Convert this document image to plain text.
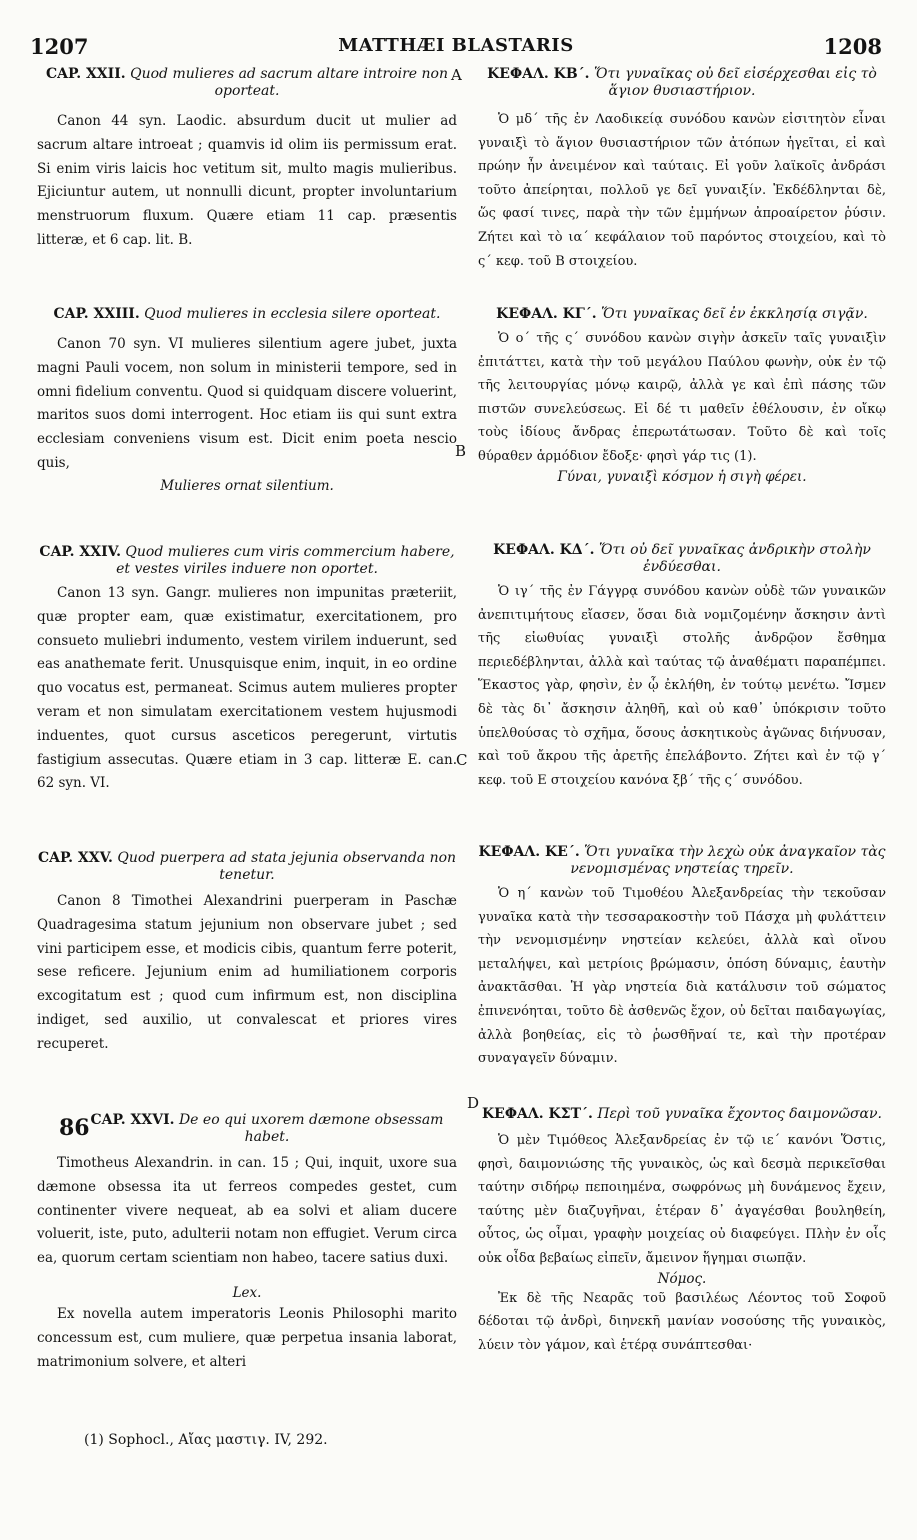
1207	MATTHÆI BLASTARIS	1208
A
B
C
D
86

CAP. XXII. Quod mulieres ad sacrum altare introire non oporteat.

Canon 44 syn. Laodic. absurdum ducit ut mulier ad sacrum altare introeat ; quamvis id olim iis permissum erat. Si enim viris laicis hoc vetitum sit, multo magis mulieribus. Ejiciuntur autem, ut nonnulli dicunt, propter involuntarium menstruorum fluxum. Quære etiam 11 cap. præsentis litteræ, et 6 cap. lit. B.

CAP. XXIII. Quod mulieres in ecclesia silere oporteat.

Canon 70 syn. VI mulieres silentium agere jubet, juxta magni Pauli vocem, non solum in ministerii tempore, sed in omni fidelium conventu. Quod si quidquam discere voluerint, maritos suos domi interrogent. Hoc etiam iis qui sunt extra ecclesiam conveniens visum est. Dicit enim poeta nescio quis,

Mulieres ornat silentium.

CAP. XXIV. Quod mulieres cum viris commercium habere, et vestes viriles induere non oportet.

Canon 13 syn. Gangr. mulieres non impunitas præteriit, quæ propter eam, quæ existimatur, exercitationem, pro consueto muliebri indumento, vestem virilem induerunt, sed eas anathemate ferit. Unusquisque enim, inquit, in eo ordine quo vocatus est, permaneat. Scimus autem mulieres propter veram et non simulatam exercitationem vestem hujusmodi induentes, quot cursus asceticos peregerunt, virtutis fastigium assecutas. Quære etiam in 3 cap. litteræ E. can. 62 syn. VI.

CAP. XXV. Quod puerpera ad stata jejunia observanda non tenetur.

Canon 8 Timothei Alexandrini puerperam in Paschæ Quadragesima statum jejunium non observare jubet ; sed vini participem esse, et modicis cibis, quantum ferre poterit, sese reficere. Jejunium enim ad humiliationem corporis excogitatum est ; quod cum infirmum est, non disciplina indiget, sed auxilio, ut convalescat et priores vires recuperet.

CAP. XXVI. De eo qui uxorem dæmone obsessam habet.

Timotheus Alexandrin. in can. 15 ; Qui, inquit, uxore sua dæmone obsessa ita ut ferreos compedes gestet, cum continenter vivere nequeat, ab ea solvi et aliam ducere voluerit, iste, puto, adulterii notam non effugiet. Verum circa ea, quorum certam scientiam non habeo, tacere satius duxi.

Lex.

Ex novella autem imperatoris Leonis Philosophi marito concessum est, cum muliere, quæ perpetua insania laborat, matrimonium solvere, et alteri

ΚΕΦΑΛ. ΚΒ΄. Ὅτι γυναῖκας οὐ δεῖ εἰσέρχεσθαι εἰς τὸ ἅγιον θυσιαστήριον.

Ὁ μδ΄ τῆς ἐν Λαοδικείᾳ συνόδου κανὼν εἰσιτητὸν εἶναι γυναιξὶ τὸ ἅγιον θυσιαστήριον τῶν ἀτόπων ἡγεῖται, εἰ καὶ πρώην ἦν ἀνειμένον καὶ ταύταις. Εἰ γοῦν λαϊκοῖς ἀνδράσι τοῦτο ἀπείρηται, πολλοῦ γε δεῖ γυναιξίν. Ἐκδέδληνται δὲ, ὥς φασί τινες, παρὰ τὴν τῶν ἐμμήνων ἀπροαίρετον ῥύσιν. Ζήτει καὶ τὸ ια΄ κεφάλαιον τοῦ παρόντος στοιχείου, καὶ τὸ ς΄ κεφ. τοῦ Β στοιχείου.

ΚΕΦΑΛ. ΚΓ΄. Ὅτι γυναῖκας δεῖ ἐν ἐκκλησίᾳ σιγᾷν.

Ὁ ο΄ τῆς ς΄ συνόδου κανὼν σιγὴν ἀσκεῖν ταῖς γυναιξὶν ἐπιτάττει, κατὰ τὴν τοῦ μεγάλου Παύλου φωνὴν, οὐκ ἐν τῷ τῆς λειτουργίας μόνῳ καιρῷ, ἀλλὰ γε καὶ ἐπὶ πάσης τῶν πιστῶν συνελεύσεως. Εἰ δέ τι μαθεῖν ἐθέλουσιν, ἐν οἴκῳ τοὺς ἰδίους ἄνδρας ἐπερωτάτωσαν. Τοῦτο δὲ καὶ τοῖς θύραθεν ἁρμόδιον ἔδοξε· φησὶ γάρ τις (1).

Γύναι, γυναιξὶ κόσμον ἡ σιγὴ φέρει.

ΚΕΦΑΛ. ΚΔ΄. Ὅτι οὐ δεῖ γυναῖκας ἀνδρικὴν στολὴν ἐνδύεσθαι.

Ὁ ιγ΄ τῆς ἐν Γάγγρᾳ συνόδου κανὼν οὐδὲ τῶν γυναικῶν ἀνεπιτιμήτους εἴασεν, ὅσαι διὰ νομιζομένην ἄσκησιν ἀντὶ τῆς εἰωθυίας γυναιξὶ στολῆς ἀνδρῷον ἔσθημα περιεδέβληνται, ἀλλὰ καὶ ταύτας τῷ ἀναθέματι παραπέμπει. Ἕκαστος γὰρ, φησὶν, ἐν ᾧ ἐκλήθη, ἐν τούτῳ μενέτω. Ἴσμεν δὲ τὰς δι᾽ ἄσκησιν ἀληθῆ, καὶ οὐ καθ᾽ ὑπόκρισιν τοῦτο ὑπελθούσας τὸ σχῆμα, ὅσους ἀσκητικοὺς ἀγῶνας διήνυσαν, καὶ τοῦ ἄκρου τῆς ἀρετῆς ἐπελάβοντο. Ζήτει καὶ ἐν τῷ γ΄ κεφ. τοῦ Ε στοιχείου κανόνα ξβ΄ τῆς ς΄ συνόδου.

ΚΕΦΑΛ. ΚΕ΄. Ὅτι γυναῖκα τὴν λεχὼ οὐκ ἀναγκαῖον τὰς νενομισμένας νηστείας τηρεῖν.

Ὁ η΄ κανὼν τοῦ Τιμοθέου Ἀλεξανδρείας τὴν τεκοῦσαν γυναῖκα κατὰ τὴν τεσσαρακοστὴν τοῦ Πάσχα μὴ φυλάττειν τὴν νενομισμένην νηστείαν κελεύει, ἀλλὰ καὶ οἴνου μεταλήψει, καὶ μετρίοις βρώμασιν, ὁπόση δύναμις, ἑαυτὴν ἀνακτᾶσθαι. Ἡ γὰρ νηστεία διὰ κατάλυσιν τοῦ σώματος ἐπινενόηται, τοῦτο δὲ ἀσθενῶς ἔχον, οὐ δεῖται παιδαγωγίας, ἀλλὰ βοηθείας, εἰς τὸ ῥωσθῆναί τε, καὶ τὴν προτέραν συναγαγεῖν δύναμιν.

ΚΕΦΑΛ. ΚΣΤ΄. Περὶ τοῦ γυναῖκα ἔχοντος δαιμονῶσαν.

Ὁ μὲν Τιμόθεος Ἀλεξανδρείας ἐν τῷ ιε΄ κανόνι Ὅστις, φησὶ, δαιμονιώσης τῆς γυναικὸς, ὡς καὶ δεσμὰ περικεῖσθαι ταύτην σιδήρῳ πεποιημένα, σωφρόνως μὴ δυνάμενος ἔχειν, ταύτης μὲν διαζυγῆναι, ἑτέραν δ᾽ ἀγαγέσθαι βουληθείη, οὗτος, ὡς οἶμαι, γραφὴν μοιχείας οὐ διαφεύγει. Πλὴν ἐν οἷς οὐκ οἶδα βεβαίως εἰπεῖν, ἄμεινον ἥγημαι σιωπᾷν.

Νόμος.

Ἐκ δὲ τῆς Νεαρᾶς τοῦ βασιλέως Λέοντος τοῦ Σοφοῦ δέδοται τῷ ἀνδρὶ, διηνεκῆ μανίαν νοσούσης τῆς γυναικὸς, λύειν τὸν γάμον, καὶ ἑτέρᾳ συνάπτεσθαι·

(1) Sophocl., Αἴας μαστιγ. IV, 292.
